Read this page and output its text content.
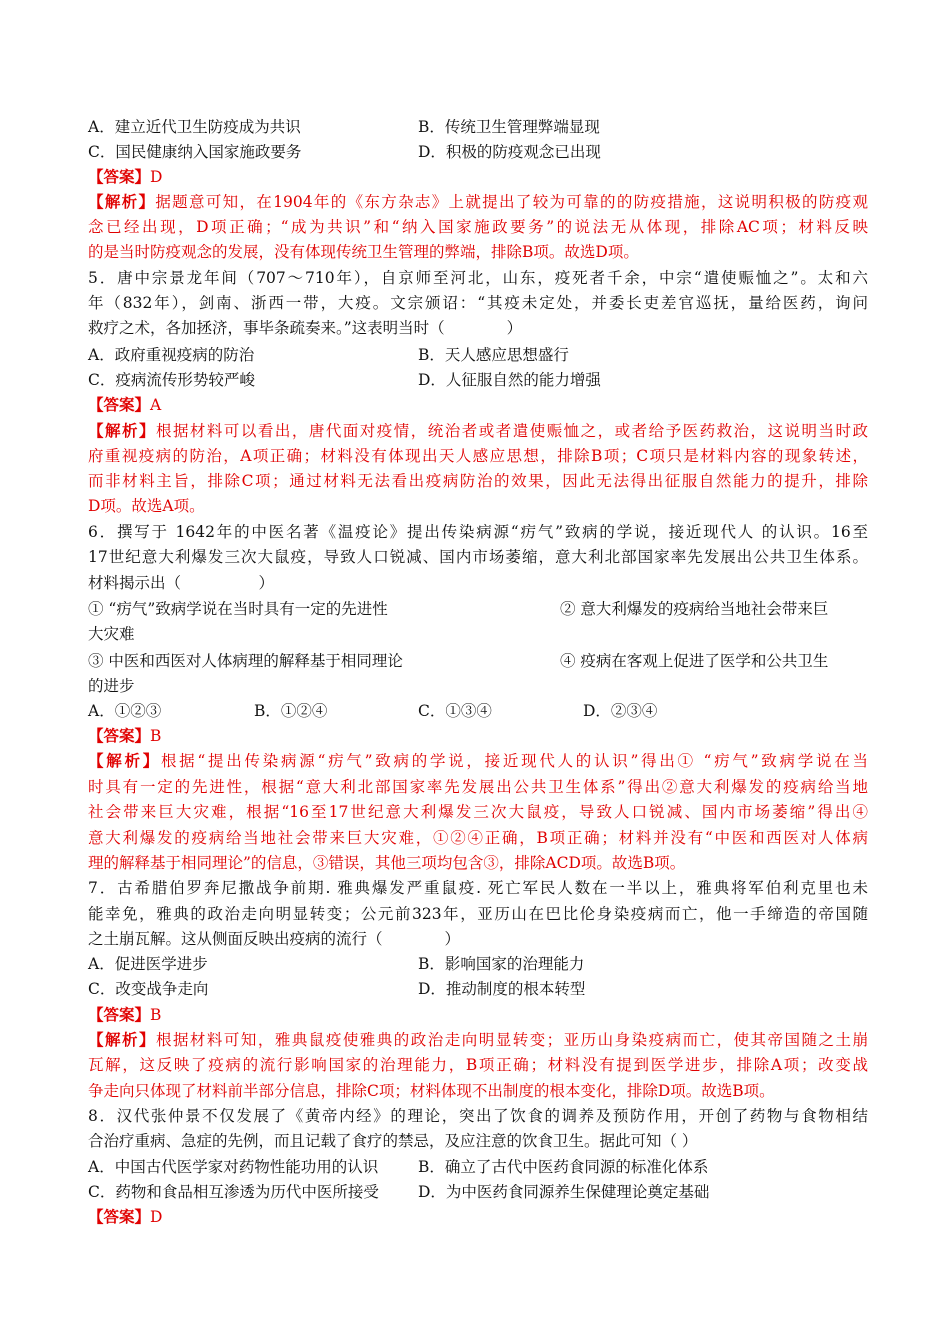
A．建立近代卫生防疫成为共识	B．传统卫生管理弊端显现
C．国民健康纳入国家施政要务	D．积极的防疫观念已出现
【答案】D
【解析】据题意可知，在1904年的《东方杂志》上就提出了较为可靠的的防疫措施，这说明积极的防疫观
念已经出现，D项正确；“成为共识”和“纳入国家施政要务”的说法无从体现，排除AC项；材料反映
的是当时防疫观念的发展，没有体现传统卫生管理的弊端，排除B项。故选D项。
5．唐中宗景龙年间（707～710年），自京师至河北，山东，疫死者千余，中宗“遣使赈恤之”。太和六
年（832年），剑南、浙西一带，大疫。文宗颁诏：“其疫未定处，并委长吏差官巡抚，量给医药，询问
救疗之术，各加拯济，事毕条疏奏来。”这表明当时（　　　　）
A．政府重视疫病的防治	B．天人感应思想盛行
C．疫病流传形势较严峻	D．人征服自然的能力增强
【答案】A
【解析】根据材料可以看出，唐代面对疫情，统治者或者遣使赈恤之，或者给予医药救治，这说明当时政
府重视疫病的防治，A项正确；材料没有体现出天人感应思想，排除B项；C项只是材料内容的现象转述，
而非材料主旨，排除C项；通过材料无法看出疫病防治的效果，因此无法得出征服自然能力的提升，排除
D项。故选A项。
6．撰写于 1642年的中医名著《温疫论》提出传染病源“疠气”致病的学说，接近现代人 的认识。16至
17世纪意大利爆发三次大鼠疫，导致人口锐减、国内市场萎缩，意大利北部国家率先发展出公共卫生体系。
材料揭示出（　　　　　）
① “疠气”致病学说在当时具有一定的先进性	② 意大利爆发的疫病给当地社会带来巨
大灾难
③ 中医和西医对人体病理的解释基于相同理论	④ 疫病在客观上促进了医学和公共卫生
的进步
A．①②③	B．①②④	C．①③④	D．②③④
【答案】B
【解析】根据“提出传染病源“疠气”致病的学说，接近现代人的认识”得出① “疠气”致病学说在当
时具有一定的先进性，根据“意大利北部国家率先发展出公共卫生体系”得出②意大利爆发的疫病给当地
社会带来巨大灾难，根据“16至17世纪意大利爆发三次大鼠疫，导致人口锐减、国内市场萎缩”得出④
意大利爆发的疫病给当地社会带来巨大灾难，①②④正确，B项正确；材料并没有“中医和西医对人体病
理的解释基于相同理论”的信息，③错误，其他三项均包含③，排除ACD项。故选B项。
7．古希腊伯罗奔尼撒战争前期. 雅典爆发严重鼠疫. 死亡军民人数在一半以上，雅典将军伯利克里也未
能幸免，雅典的政治走向明显转变；公元前323年，亚历山在巴比伦身染疫病而亡，他一手缔造的帝国随
之土崩瓦解。这从侧面反映出疫病的流行（　　　　）
A．促进医学进步	B．影响国家的治理能力
C．改变战争走向	D．推动制度的根本转型
【答案】B
【解析】根据材料可知，雅典鼠疫使雅典的政治走向明显转变；亚历山身染疫病而亡，使其帝国随之土崩
瓦解，这反映了疫病的流行影响国家的治理能力，B项正确；材料没有提到医学进步，排除A项；改变战
争走向只体现了材料前半部分信息，排除C项；材料体现不出制度的根本变化，排除D项。故选B项。
8．汉代张仲景不仅发展了《黄帝内经》的理论，突出了饮食的调养及预防作用，开创了药物与食物相结
合治疗重病、急症的先例，而且记载了食疗的禁忌，及应注意的饮食卫生。据此可知（ ）
A．中国古代医学家对药物性能功用的认识	B．确立了古代中医药食同源的标准化体系
C．药物和食品相互渗透为历代中医所接受	D．为中医药食同源养生保健理论奠定基础
【答案】D
